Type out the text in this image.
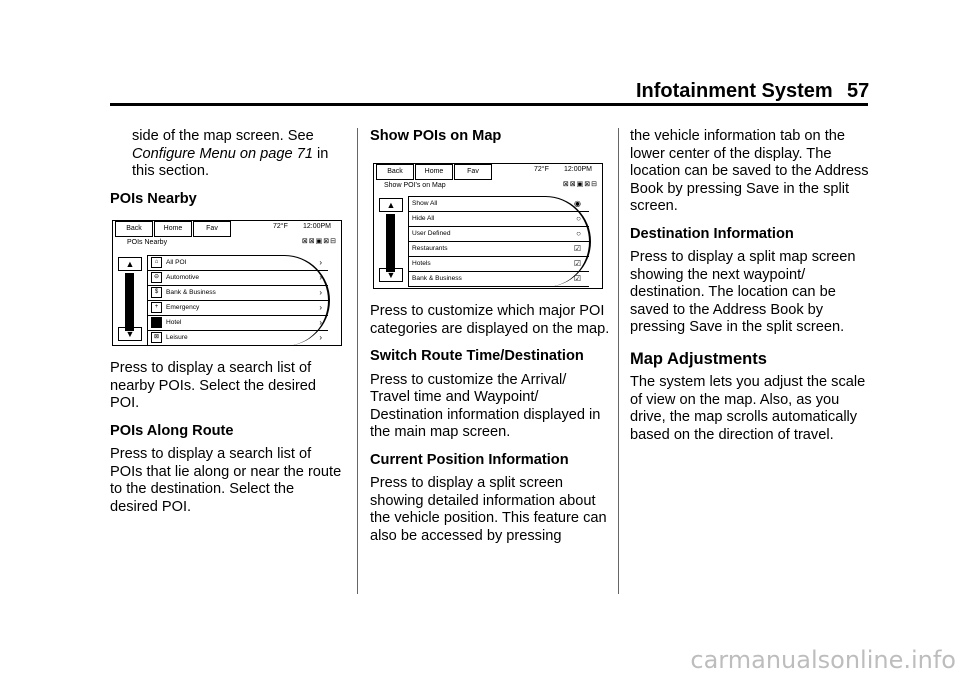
Infotainment System 57

side of the map screen. See
Configure Menu on page 71 in
this section.

POIs Nearby
Back	Home	Fav	72°F 12:00PM
POIs Nearby	⊠⊠▣⊠⊟
▲
▼
⌂ All POI	›
⊖ Automotive	›
$ Bank & Business	›
+ Emergency	›
Hotel	›
⊠ Leisure	›

Press to display a search list of nearby POIs. Select the desired POI.

POIs Along Route

Press to display a search list of POIs that lie along or near the route to the destination. Select the desired POI.

Show POIs on Map
Back	Home	Fav	72°F 12:00PM
Show POI's on Map	⊠⊠▣⊠⊟
▲
▼
Show All	◉
Hide All	○
User Defined	○
Restaurants	☑
Hotels	☑
Bank & Business	☑

Press to customize which major POI categories are displayed on the map.

Switch Route Time/Destination

Press to customize the Arrival/ Travel time and Waypoint/ Destination information displayed in the main map screen.

Current Position Information

Press to display a split screen showing detailed information about the vehicle position. This feature can also be accessed by pressing

the vehicle information tab on the lower center of the display. The location can be saved to the Address Book by pressing Save in the split screen.

Destination Information

Press to display a split map screen showing the next waypoint/ destination. The location can be saved to the Address Book by pressing Save in the split screen.

Map Adjustments

The system lets you adjust the scale of view on the map. Also, as you drive, the map scrolls automatically based on the direction of travel.

carmanualsonline.info
